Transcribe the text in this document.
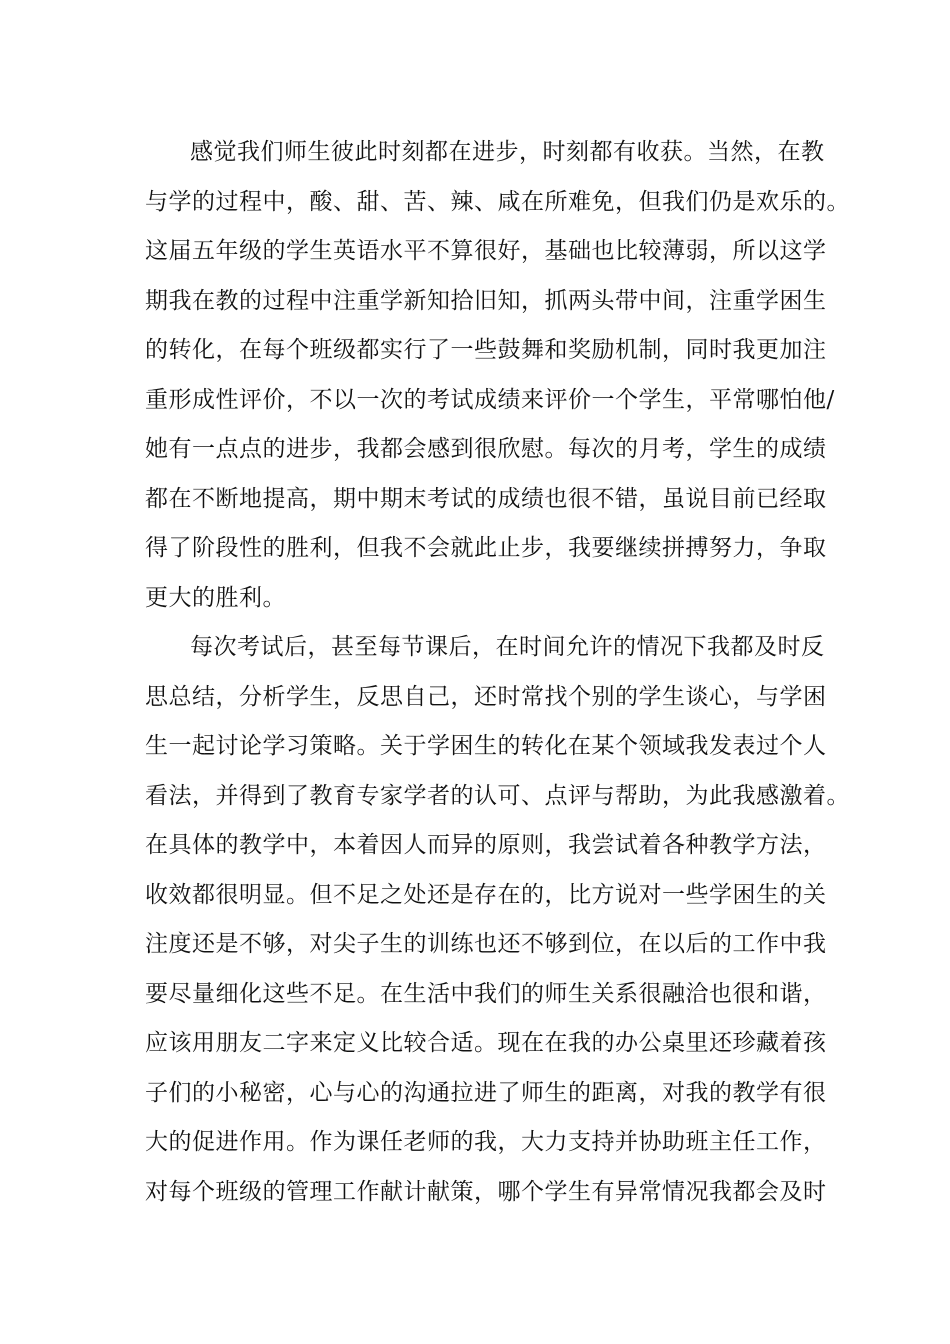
感觉我们师生彼此时刻都在进步，时刻都有收获。当然，在教
与学的过程中，酸、甜、苦、辣、咸在所难免，但我们仍是欢乐的。
这届五年级的学生英语水平不算很好，基础也比较薄弱，所以这学
期我在教的过程中注重学新知拾旧知，抓两头带中间，注重学困生
的转化，在每个班级都实行了一些鼓舞和奖励机制，同时我更加注
重形成性评价，不以一次的考试成绩来评价一个学生，平常哪怕他/
她有一点点的进步，我都会感到很欣慰。每次的月考，学生的成绩
都在不断地提高，期中期末考试的成绩也很不错，虽说目前已经取
得了阶段性的胜利，但我不会就此止步，我要继续拼搏努力，争取
更大的胜利。
每次考试后，甚至每节课后，在时间允许的情况下我都及时反
思总结，分析学生，反思自己，还时常找个别的学生谈心，与学困
生一起讨论学习策略。关于学困生的转化在某个领域我发表过个人
看法，并得到了教育专家学者的认可、点评与帮助，为此我感激着。
在具体的教学中，本着因人而异的原则，我尝试着各种教学方法，
收效都很明显。但不足之处还是存在的，比方说对一些学困生的关
注度还是不够，对尖子生的训练也还不够到位，在以后的工作中我
要尽量细化这些不足。在生活中我们的师生关系很融洽也很和谐，
应该用朋友二字来定义比较合适。现在在我的办公桌里还珍藏着孩
子们的小秘密，心与心的沟通拉进了师生的距离，对我的教学有很
大的促进作用。作为课任老师的我，大力支持并协助班主任工作，
对每个班级的管理工作献计献策，哪个学生有异常情况我都会及时
